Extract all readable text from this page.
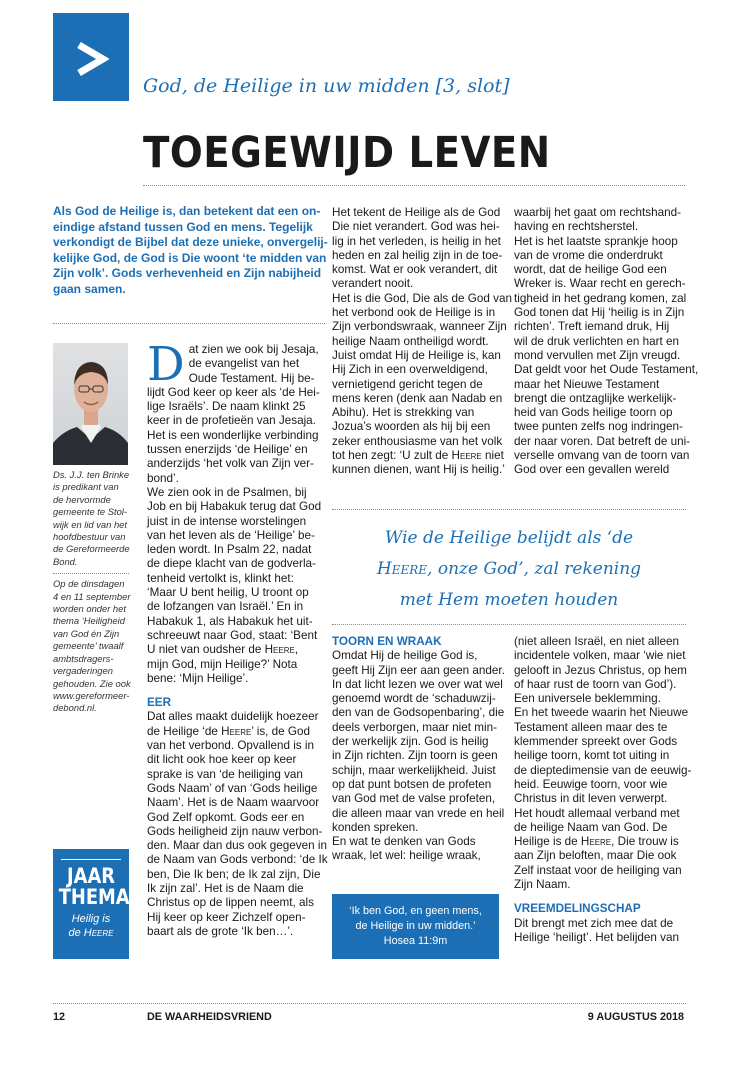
God, de Heilige in uw midden [3, slot]
TOEGEWIJD LEVEN
Als God de Heilige is, dan betekent dat een on-
eindige afstand tussen God en mens. Tegelijk
verkondigt de Bijbel dat deze unieke, onvergelij-
kelijke God, de God is Die woont ‘te midden van
Zijn volk’. Gods verhevenheid en Zijn nabijheid
gaan samen.
Ds. J.J. ten Brinke
is predikant van
de hervormde
gemeente te Stol-
wijk en lid van het
hoofdbestuur van
de Gereformeerde
Bond.
Op de dinsdagen
4 en 11 september
worden onder het
thema ‘Heiligheid
van God én Zijn
gemeente’ twaalf
ambtsdragers-
vergaderingen
gehouden. Zie ook
www.gereformeer-
debond.nl.
JAAR
THEMA
Heilig is
de Heere
D at zien we ook bij Jesaja,
de evangelist van het
Oude Testament. Hij be-
lijdt God keer op keer als ‘de Hei-
lige Israëls’. De naam klinkt 25
keer in de profetieën van Jesaja.
Het is een wonderlijke verbinding
tussen enerzijds ‘de Heilige’ en
anderzijds ‘het volk van Zijn ver-
bond’.
We zien ook in de Psalmen, bij
Job en bij Habakuk terug dat God
juist in de intense worstelingen
van het leven als de ‘Heilige’ be-
leden wordt. In Psalm 22, nadat
de diepe klacht van de godverla-
tenheid vertolkt is, klinkt het:
‘Maar U bent heilig, U troont op
de lofzangen van Israël.’ En in
Habakuk 1, als Habakuk het uit-
schreeuwt naar God, staat: ‘Bent
U niet van oudsher de Heere,
mijn God, mijn Heilige?’ Nota
bene: ‘Mijn Heilige’.
EER
Dat alles maakt duidelijk hoezeer
de Heilige ‘de Heere’ is, de God
van het verbond. Opvallend is in
dit licht ook hoe keer op keer
sprake is van ‘de heiliging van
Gods Naam’ of van ‘Gods heilige
Naam’. Het is de Naam waarvoor
God Zelf opkomt. Gods eer en
Gods heiligheid zijn nauw verbon-
den. Maar dan dus ook gegeven in
de Naam van Gods verbond: ‘de Ik
ben, Die Ik ben; de Ik zal zijn, Die
Ik zijn zal’. Het is de Naam die
Christus op de lippen neemt, als
Hij keer op keer Zichzelf open-
baart als de grote ‘Ik ben…’.
Het tekent de Heilige als de God
Die niet verandert. God was hei-
lig in het verleden, is heilig in het
heden en zal heilig zijn in de toe-
komst. Wat er ook verandert, dit
verandert nooit.
Het is die God, Die als de God van
het verbond ook de Heilige is in
Zijn verbondswraak, wanneer Zijn
heilige Naam ontheiligd wordt.
Juist omdat Hij de Heilige is, kan
Hij Zich in een overweldigend,
vernietigend gericht tegen de
mens keren (denk aan Nadab en
Abihu). Het is strekking van
Jozua’s woorden als hij bij een
zeker enthousiasme van het volk
tot hen zegt: ‘U zult de Heere niet
kunnen dienen, want Hij is heilig.’
waarbij het gaat om rechtshand-
having en rechtsherstel.
Het is het laatste sprankje hoop
van de vrome die onderdrukt
wordt, dat de heilige God een
Wreker is. Waar recht en gerech-
tigheid in het gedrang komen, zal
God tonen dat Hij ‘heilig is in Zijn
richten’. Treft iemand druk, Hij
wil de druk verlichten en hart en
mond vervullen met Zijn vreugd.
Dat geldt voor het Oude Testament,
maar het Nieuwe Testament
brengt die ontzaglijke werkelijk-
heid van Gods heilige toorn op
twee punten zelfs nog indringen-
der naar voren. Dat betreft de uni-
verselle omvang van de toorn van
God over een gevallen wereld
Wie de Heilige belijdt als ‘de
Heere, onze God’, zal rekening
met Hem moeten houden
TOORN EN WRAAK
Omdat Hij de heilige God is,
geeft Hij Zijn eer aan geen ander.
In dat licht lezen we over wat wel
genoemd wordt de ‘schaduwzij-
den van de Godsopenbaring’, die
deels verborgen, maar niet min-
der werkelijk zijn. God is heilig
in Zijn richten. Zijn toorn is geen
schijn, maar werkelijkheid. Juist
op dat punt botsen de profeten
van God met de valse profeten,
die alleen maar van vrede en heil
konden spreken.
En wat te denken van Gods
wraak, let wel: heilige wraak,
‘Ik ben God, en geen mens,
de Heilige in uw midden.’
Hosea 11:9m
(niet alleen Israël, en niet alleen
incidentele volken, maar ‘wie niet
gelooft in Jezus Christus, op hem
of haar rust de toorn van God’).
Een universele beklemming.
En het tweede waarin het Nieuwe
Testament alleen maar des te
klemmender spreekt over Gods
heilige toorn, komt tot uiting in
de dieptedimensie van de eeuwig-
heid. Eeuwige toorn, voor wie
Christus in dit leven verwerpt.
Het houdt allemaal verband met
de heilige Naam van God. De
Heilige is de Heere, Die trouw is
aan Zijn beloften, maar Die ook
Zelf instaat voor de heiliging van
Zijn Naam.
VREEMDELINGSCHAP
Dit brengt met zich mee dat de
Heilige ‘heiligt’. Het belijden van
12	DE WAARHEIDSVRIEND	9 AUGUSTUS 2018
